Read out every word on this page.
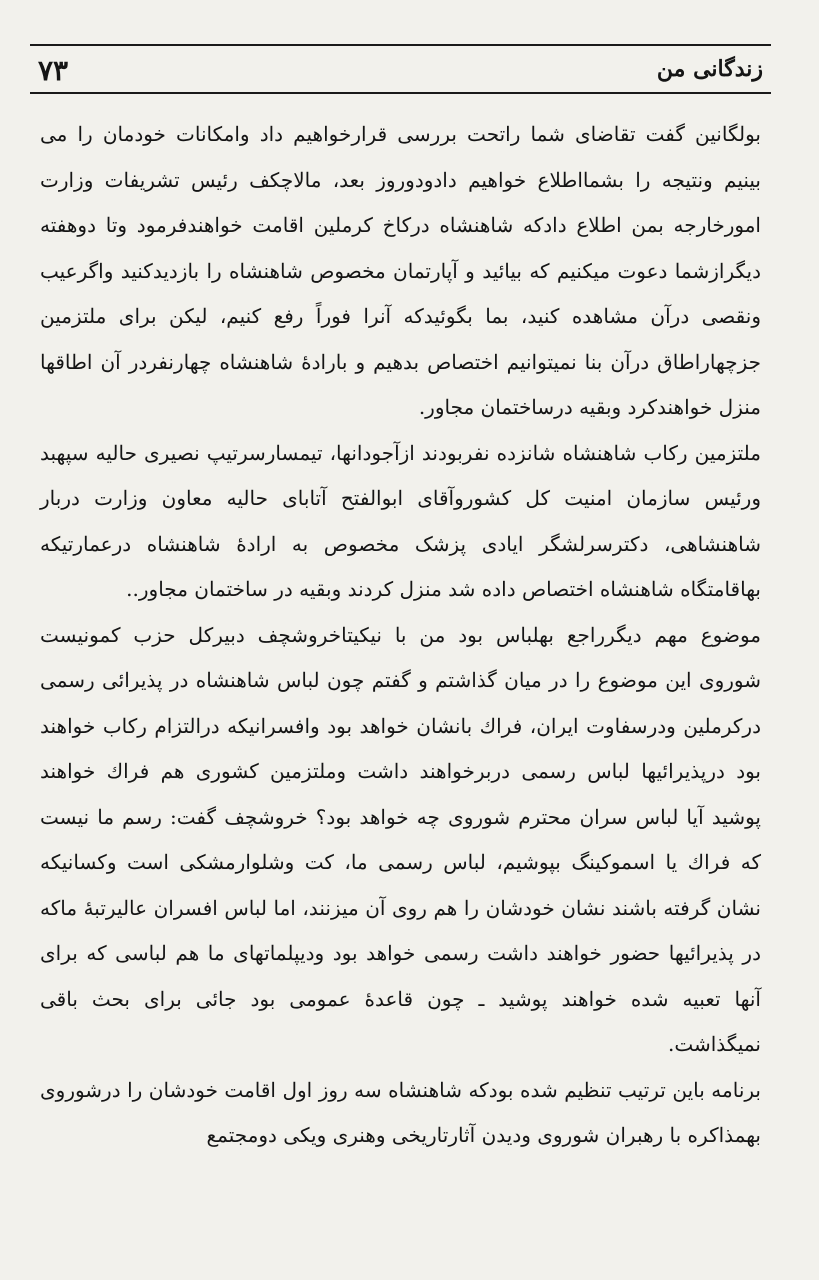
۷۳	زندگانی من

بولگانین گفت تقاضای شما راتحت بررسی قرارخواهیم داد وامکانات خودمان را می بینیم ونتیجه را بشمااطلاع خواهیم دادودوروز بعد، مالاچکف رئیس تشریفات وزارت امورخارجه بمن اطلاع دادکه شاهنشاه درکاخ کرملین اقامت خواهندفرمود وتا دوهفته دیگرازشما دعوت میکنیم که بیائید و آپارتمان مخصوص شاهنشاه را بازدیدکنید واگرعیب ونقصی درآن مشاهده کنید، بما بگوئیدکه آنرا فوراً رفع کنیم، لیکن برای ملتزمین جزچهاراطاق درآن بنا نمیتوانیم اختصاص بدهیم و بارادهٔ شاهنشاه چهارنفردر آن اطاقها منزل خواهندکرد وبقیه درساختمان مجاور.

ملتزمین رکاب شاهنشاه شانزده نفربودند ازآجودانها، تیمسارسرتیپ نصیری حالیه سپهبد ورئیس سازمان امنیت کل کشوروآقای ابوالفتح آتابای حالیه معاون وزارت دربار شاهنشاهی، دکترسرلشگر ایادی پزشک مخصوص به ارادهٔ شاهنشاه درعمارتیکه بهاقامتگاه شاهنشاه اختصاص داده شد منزل کردند وبقیه در ساختمان مجاور..

موضوع مهم دیگرراجع بهلباس بود من با نیکیتاخروشچف دبیرکل حزب کمونیست شوروی این موضوع را در میان گذاشتم و گفتم چون لباس شاهنشاه در پذیرائی رسمی درکرملین ودرسفاوت ایران، فراك بانشان خواهد بود وافسرانیکه درالتزام رکاب خواهند بود درپذیرائیها لباس رسمی دربرخواهند داشت وملتزمین کشوری هم فراك خواهند پوشید آیا لباس سران محترم شوروی چه خواهد بود؟ خروشچف گفت: رسم ما نیست که فراك یا اسموکینگ بپوشیم، لباس رسمی ما، کت وشلوارمشکی است وکسانیکه نشان گرفته باشند نشان خودشان را هم روی آن میزنند، اما لباس افسران عالیرتبهٔ ماکه در پذیرائیها حضور خواهند داشت رسمی خواهد بود ودیپلماتهای ما هم لباسی که برای آنها تعبیه شده خواهند پوشید ـ چون قاعدهٔ عمومی بود جائی برای بحث باقی نمیگذاشت.

برنامه باین ترتیب تنظیم شده بودکه شاهنشاه سه روز اول اقامت خودشان را درشوروی بهمذاکره با رهبران شوروی ودیدن آثارتاریخی وهنری ویکی دومجتمع
